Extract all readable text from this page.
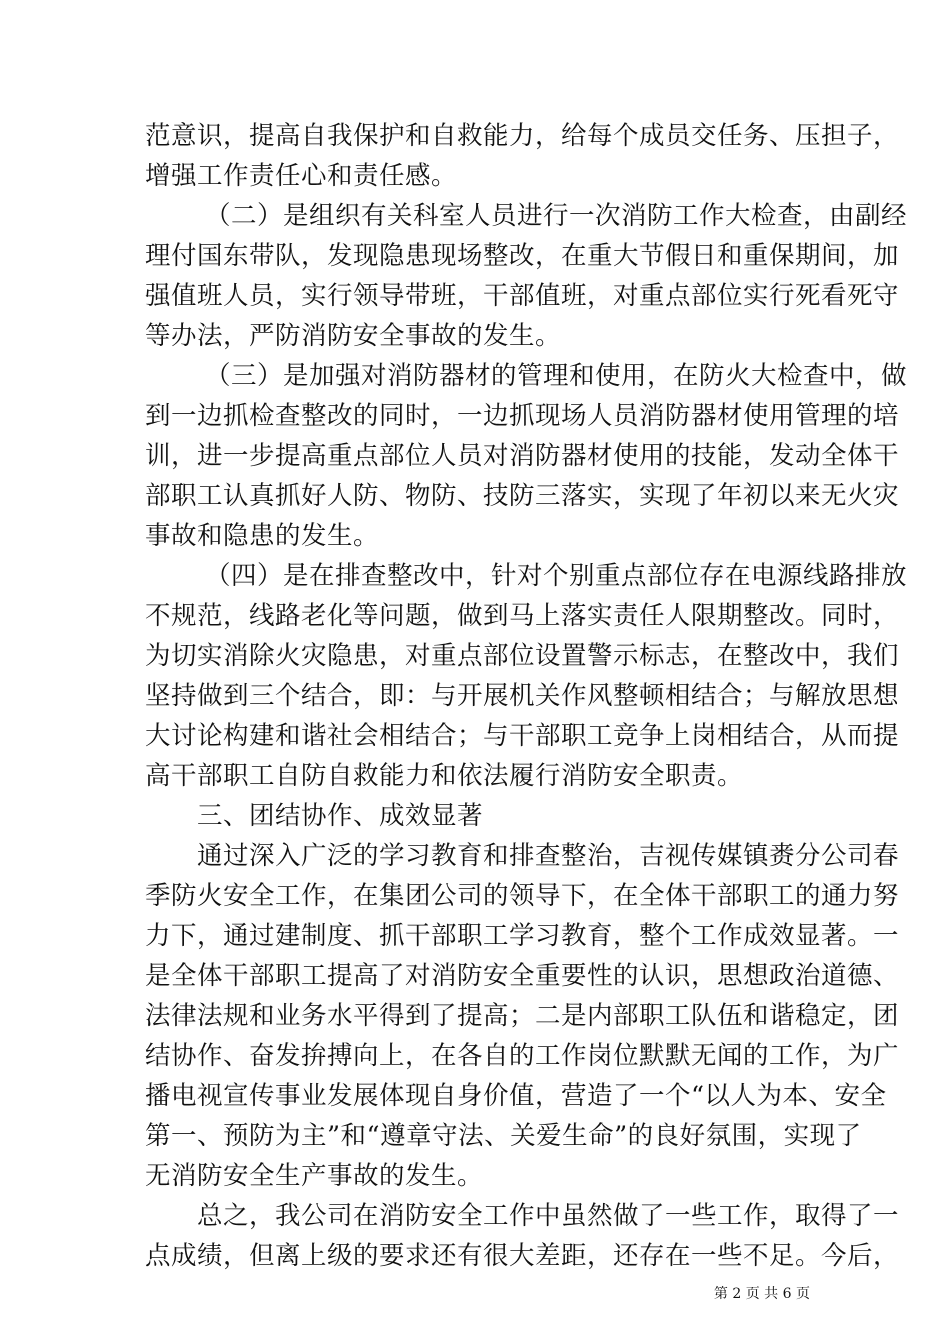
范意识，提高自我保护和自救能力，给每个成员交任务、压担子，
增强工作责任心和责任感。
（二）是组织有关科室人员进行一次消防工作大检查，由副经
理付国东带队，发现隐患现场整改，在重大节假日和重保期间，加
强值班人员，实行领导带班，干部值班，对重点部位实行死看死守
等办法，严防消防安全事故的发生。
（三）是加强对消防器材的管理和使用，在防火大检查中，做
到一边抓检查整改的同时，一边抓现场人员消防器材使用管理的培
训，进一步提高重点部位人员对消防器材使用的技能，发动全体干
部职工认真抓好人防、物防、技防三落实，实现了年初以来无火灾
事故和隐患的发生。
（四）是在排查整改中，针对个别重点部位存在电源线路排放
不规范，线路老化等问题，做到马上落实责任人限期整改。同时，
为切实消除火灾隐患，对重点部位设置警示标志，在整改中，我们
坚持做到三个结合，即：与开展机关作风整顿相结合；与解放思想
大讨论构建和谐社会相结合；与干部职工竞争上岗相结合，从而提
高干部职工自防自救能力和依法履行消防安全职责。
三、团结协作、成效显著
通过深入广泛的学习教育和排查整治，吉视传媒镇赉分公司春
季防火安全工作，在集团公司的领导下，在全体干部职工的通力努
力下，通过建制度、抓干部职工学习教育，整个工作成效显著。一
是全体干部职工提高了对消防安全重要性的认识，思想政治道德、
法律法规和业务水平得到了提高；二是内部职工队伍和谐稳定，团
结协作、奋发拚搏向上，在各自的工作岗位默默无闻的工作，为广
播电视宣传事业发展体现自身价值，营造了一个“以人为本、安全
第一、预防为主”和“遵章守法、关爱生命”的良好氛围，实现了
无消防安全生产事故的发生。
总之，我公司在消防安全工作中虽然做了一些工作，取得了一
点成绩，但离上级的要求还有很大差距，还存在一些不足。今后，
第 2 页 共 6 页
